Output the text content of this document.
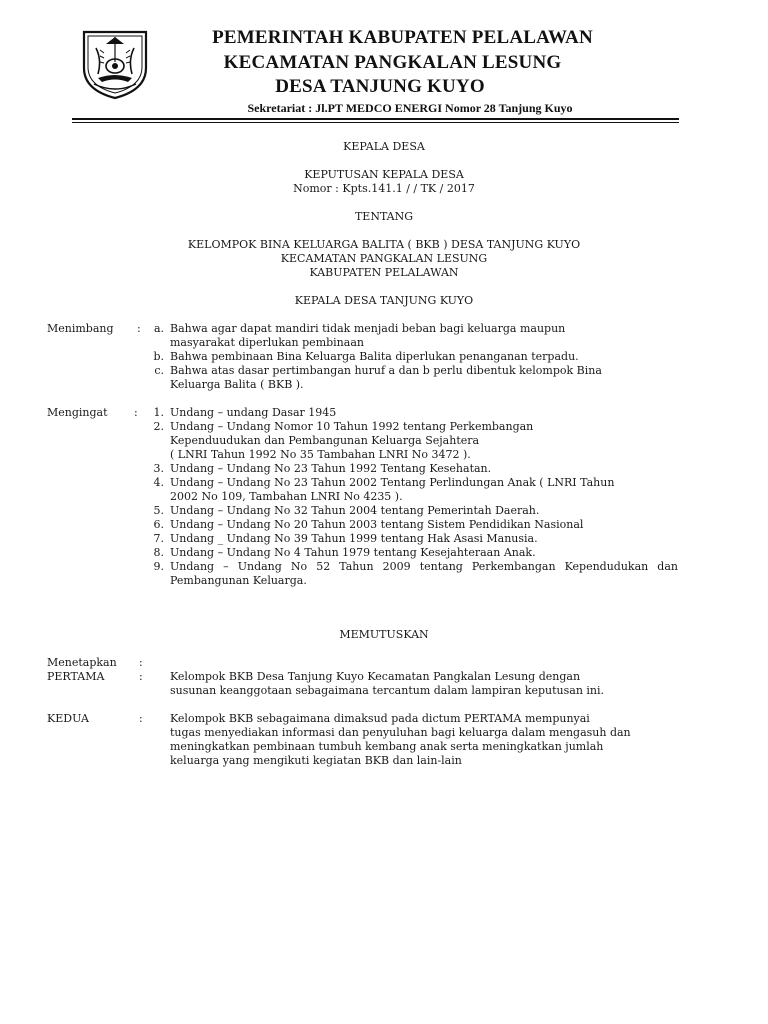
PEMERINTAH KABUPATEN PELALAWAN
KECAMATAN PANGKALAN LESUNG
DESA TANJUNG KUYO
Sekretariat : Jl.PT MEDCO ENERGI Nomor 28 Tanjung Kuyo
KEPALA DESA
KEPUTUSAN KEPALA DESA
Nomor : Kpts.141.1 / / TK / 2017
TENTANG
KELOMPOK BINA KELUARGA BALITA ( BKB ) DESA TANJUNG KUYO
KECAMATAN PANGKALAN LESUNG
KABUPATEN PELALAWAN
KEPALA DESA TANJUNG KUYO
Menimbang :	a. Bahwa agar dapat mandiri tidak menjadi beban bagi keluarga maupun
masyarakat diperlukan pembinaan
b. Bahwa pembinaan Bina Keluarga Balita diperlukan penanganan terpadu.
c. Bahwa atas dasar pertimbangan huruf a dan b perlu dibentuk kelompok Bina
Keluarga Balita ( BKB ).
Mengingat :	1. Undang – undang Dasar 1945
2. Undang – Undang Nomor 10 Tahun 1992 tentang Perkembangan
Kependuudukan dan Pembangunan Keluarga Sejahtera
( LNRI Tahun 1992 No 35 Tambahan LNRI No 3472 ).
3. Undang – Undang No 23 Tahun 1992 Tentang Kesehatan.
4. Undang – Undang No 23 Tahun 2002 Tentang Perlindungan Anak ( LNRI Tahun
2002 No 109, Tambahan LNRI No 4235 ).
5. Undang – Undang No 32 Tahun 2004 tentang Pemerintah Daerah.
6. Undang – Undang No 20 Tahun 2003 tentang Sistem Pendidikan Nasional
7. Undang _ Undang No 39 Tahun 1999 tentang Hak Asasi Manusia.
8. Undang – Undang No 4 Tahun 1979 tentang Kesejahteraan Anak.
9. Undang – Undang No 52 Tahun 2009 tentang Perkembangan Kependudukan dan
Pembangunan Keluarga.
MEMUTUSKAN
Menetapkan :
PERTAMA	: Kelompok BKB Desa Tanjung Kuyo Kecamatan Pangkalan Lesung dengan
susunan keanggotaan sebagaimana tercantum dalam lampiran keputusan ini.
KEDUA	: Kelompok BKB sebagaimana dimaksud pada dictum PERTAMA mempunyai
tugas menyediakan informasi dan penyuluhan bagi keluarga dalam mengasuh dan
meningkatkan pembinaan tumbuh kembang anak serta meningkatkan jumlah
keluarga yang mengikuti kegiatan BKB dan lain-lain
